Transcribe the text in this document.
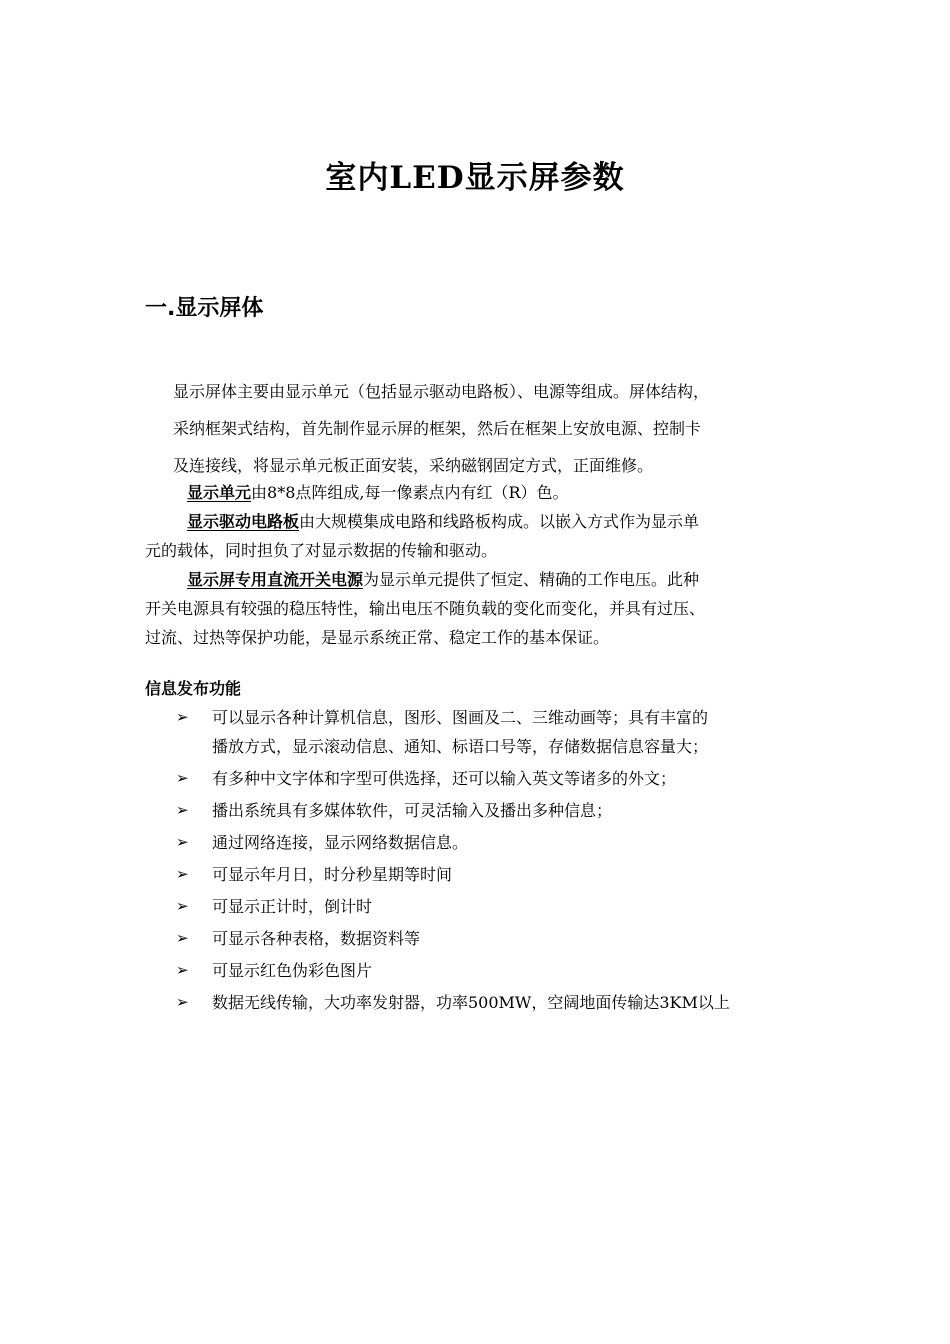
室内LED显示屏参数
一.显示屏体

显示屏体主要由显示单元（包括显示驱动电路板）、电源等组成。屏体结构，

采纳框架式结构，首先制作显示屏的框架，然后在框架上安放电源、控制卡

及连接线，将显示单元板正面安装，采纳磁钢固定方式，正面维修。

显示单元由8*8点阵组成,每一像素点内有红（R）色。

显示驱动电路板由大规模集成电路和线路板构成。以嵌入方式作为显示单

元的载体，同时担负了对显示数据的传输和驱动。

显示屏专用直流开关电源为显示单元提供了恒定、精确的工作电压。此种

开关电源具有较强的稳压特性，输出电压不随负载的变化而变化，并具有过压、

过流、过热等保护功能，是显示系统正常、稳定工作的基本保证。

信息发布功能
➢ 可以显示各种计算机信息，图形、图画及二、三维动画等；具有丰富的
播放方式，显示滚动信息、通知、标语口号等，存储数据信息容量大；
➢ 有多种中文字体和字型可供选择，还可以输入英文等诸多的外文；
➢ 播出系统具有多媒体软件，可灵活输入及播出多种信息；
➢ 通过网络连接，显示网络数据信息。
➢ 可显示年月日，时分秒星期等时间
➢ 可显示正计时，倒计时
➢ 可显示各种表格，数据资料等
➢ 可显示红色伪彩色图片
➢ 数据无线传输，大功率发射器，功率500MW，空阔地面传输达3KM以上
